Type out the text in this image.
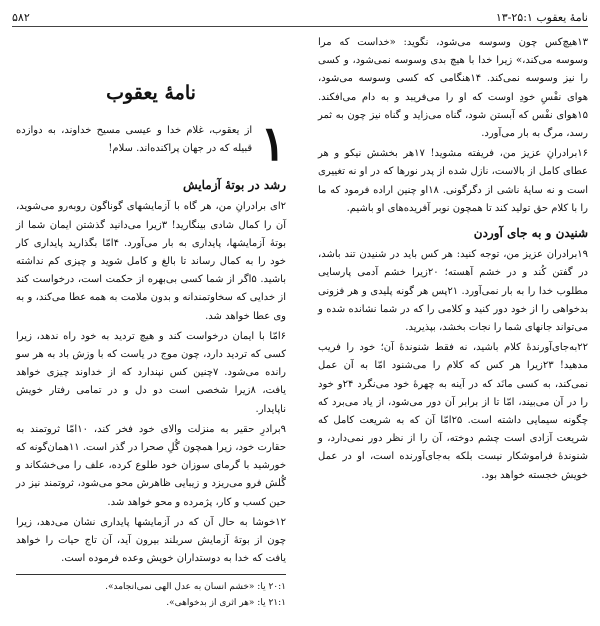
نامهٔ یعقوب ۱:‏۱۳-۲۵
۵۸۲

۱۳هیچ‌کس چون وسوسه می‌شود، نگوید: «خداست که مرا وسوسه می‌کند،» زیرا خدا با هیچ بدی وسوسه نمی‌شود، و کسی را نیز وسوسه نمی‌کند. ۱۴هنگامی که کسی وسوسه می‌شود، هوای نفْسِ خودِ اوست که او را می‌فریبد و به دام می‌افکند. ۱۵هوای نفْس که آبستن شود، گناه می‌زاید و گناه نیز چون به ثمر رسد، مرگ به بار می‌آورد.

۱۶برادرانِ عزیز من، فریفته مشوید! ۱۷هر بخشش نیکو و هر عطای کامل از بالاست، نازل شده از پدر نورها که در او نه تغییری است و نه سایهٔ ناشی از دگرگونی. ۱۸او چنین اراده فرمود که ما را با کلام حق تولید کند تا همچون نوبر آفریده‌های او باشیم.

شنیدن و به جای آوردن

۱۹برادران عزیز من، توجه کنید: هر کس باید در شنیدن تند باشد، در گفتن کُند و در خشم آهسته؛ ۲۰زیرا خشم آدمی پارسایی مطلوب خدا را به بار نمی‌آورد. ۲۱پس هر گونه پلیدی و هر فزونی بدخواهی را از خود دور کنید و کلامی را که در شما نشانده شده و می‌تواند جانهای شما را نجات بخشد، بپذیرید.

۲۲به‌جای‌آورندهٔ کلام باشید، نه فقط شنوندهٔ آن؛ خود را فریب مدهید! ۲۳زیرا هر کس که کلام را می‌شنود امّا به آن عمل نمی‌کند، به کسی مانَد که در آینه به چهرهٔ خود می‌نگرد ۲۴و خود را در آن می‌بیند، امّا تا از برابر آن دور می‌شود، از یاد می‌برد که چگونه سیمایی داشته است. ۲۵امّا آن که به شریعت کامل که شریعت آزادی است چشم دوخته، آن را از نظر دور نمی‌دارد، و شنوندهٔ فراموشکار نیست بلکه به‌جای‌آورنده است، او در عمل خویش خجسته خواهد بود.

نامهٔ یعقوب
۱
از یعقوب، غلام خدا و عیسی مسیح خداوند، به دوازده قبیله که در جهان پراکنده‌اند. سلام!
رشد در بوتهٔ آزمایش

۲ای برادرانِ من، هر گاه با آزمایشهای گوناگون روبه‌رو می‌شوید، آن را کمال شادی بینگارید! ۳زیرا می‌دانید گذشتن ایمان شما از بوتهٔ آزمایشها، پایداری به بار می‌آورد. ۴امّا بگذارید پایداری کار خود را به کمال رساند تا بالغ و کامل شوید و چیزی کم نداشته باشید. ۵اگر از شما کسی بی‌بهره از حکمت است، درخواست کند از خدایی که سخاوتمندانه و بدون ملامت به همه عطا می‌کند، و به وی عطا خواهد شد.

۶امّا با ایمان درخواست کند و هیچ تردید به خود راه ندهد، زیرا کسی که تردید دارد، چون موج در یاست که با وزش باد به هر سو رانده می‌شود. ۷چنین کس نپندارد که از خداوند چیزی خواهد یافت، ۸زیرا شخصی است دو دل و در تمامی رفتار خویش ناپایدار.

۹برادرِ حقیر به منزلت والای خود فخر کند، ۱۰امّا ثروتمند به حقارت خود، زیرا همچون گُلِ صحرا در گذر است. ۱۱همان‌گونه که خورشید با گرمای سوزان خود طلوع کرده، علف را می‌خشکاند و گُلش فرو می‌ریزد و زیبایی ظاهرش محو می‌شود، ثروتمند نیز در حین کسب و کار، پژمرده و محو خواهد شد.

۱۲خوشا به حال آن که در آزمایشها پایداری نشان می‌دهد، زیرا چون از بوتهٔ آزمایش سربلند بیرون آید، آن تاج حیات را خواهد یافت که خدا به دوستداران خویش وعده فرموده است.

۲۰:۱ یا: «خشم انسان به عدل الهی نمی‌انجامد».
۲۱:۱ یا: «هر اثری از بدخواهی».
